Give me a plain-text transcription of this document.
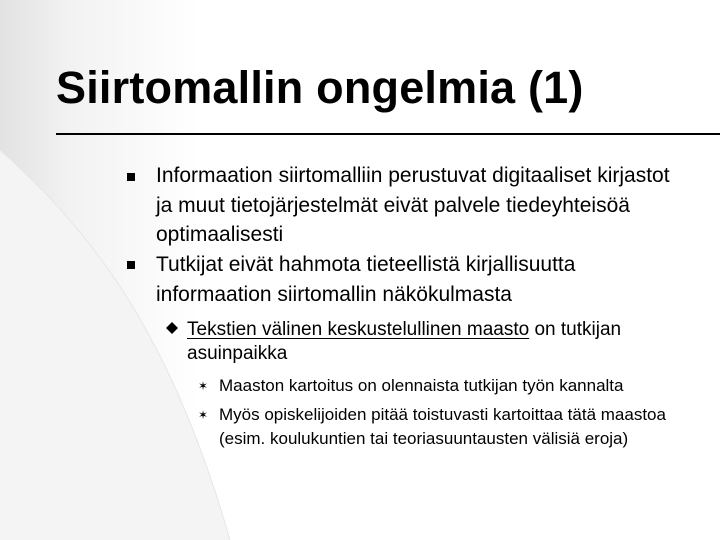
Siirtomallin ongelmia (1)
Informaation siirtomalliin perustuvat digitaaliset kirjastot ja muut tietojärjestelmät eivät palvele tiedeyhteisöä optimaalisesti
Tutkijat eivät hahmota tieteellistä kirjallisuutta informaation siirtomallin näkökulmasta
Tekstien välinen keskustelullinen maasto on tutkijan asuinpaikka
✶ Maaston kartoitus on olennaista tutkijan työn kannalta
✶ Myös opiskelijoiden pitää toistuvasti kartoittaa tätä maastoa (esim. koulukuntien tai teoriasuuntausten välisiä eroja)
